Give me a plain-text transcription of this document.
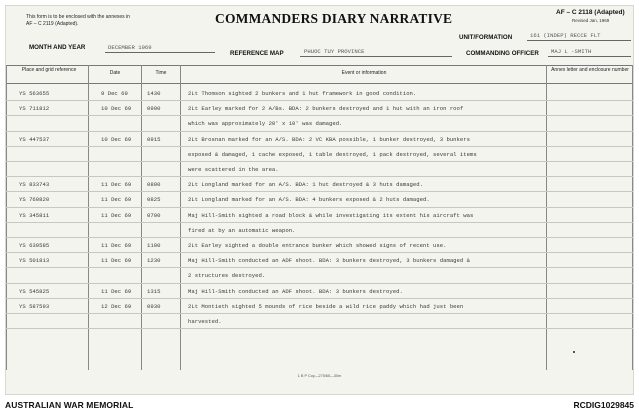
This form is to be enclosed with the annexes in AF – C 2119 (Adapted).	COMMANDERS DIARY NARRATIVE	AF – C 2118 (Adapted)
Revised Jan, 1969
MONTH AND YEAR	DECEMBER 1969
REFERENCE MAP	PHUOC TUY PROVINCE
UNIT/FORMATION	161 (INDEP) RECCE FLT
COMMANDING OFFICER MAJ L -SMITH
Place and grid reference	Date	Time	Event or information	Annex letter and enclosure number
YS 563655	9 Dec 69	1430	2Lt Thomson sighted 2 bunkers and 1 hut framework in good condition.
YS 711812	10 Dec 69	0900	2Lt Earley marked for 2 A/Bs. BDA: 2 bunkers destroyed and 1 hut with an iron roof
which was approximately 20' x 10' was damaged.
YS 447537	10 Dec 69	0915	2Lt Brosnan marked for an A/S. BDA: 2 VC KBA possible, 1 bunker destroyed, 3 bunkers
exposed & damaged, 1 cache exposed, 1 table destroyed, 1 pack destroyed, several items
were scattered in the area.
YS 833743	11 Dec 69	0800	2Lt Longland marked for an A/S. BDA: 1 hut destroyed & 3 huts damaged.
YS 760820	11 Dec 69	0825	2Lt Longland marked for an A/S. BDA: 4 bunkers exposed & 2 huts damaged.
YS 345811	11 Dec 69	0700	Maj Hill-Smith sighted a road block & while investigating its extent his aircraft was
fired at by an automatic weapon.
YS 630585	11 Dec 69	1100	2Lt Earley sighted a double entrance bunker which showed signs of recent use.
YS 501813	11 Dec 69	1230	Maj Hill-Smith conducted an ADF shoot. BDA: 3 bunkers destroyed, 3 bunkers damaged &
2 structures destroyed.
YS 545825	11 Dec 69	1315	Maj Hill-Smith conducted an ADF shoot. BDA: 3 bunkers destroyed.
YS 587593	12 Dec 69	0930	2Lt Montieth sighted 5 mounds of rice beside a wild rice paddy which had just been
harvested.
1 B P Coy—275/65—30m
AUSTRALIAN WAR MEMORIAL	RCDIG1029845
